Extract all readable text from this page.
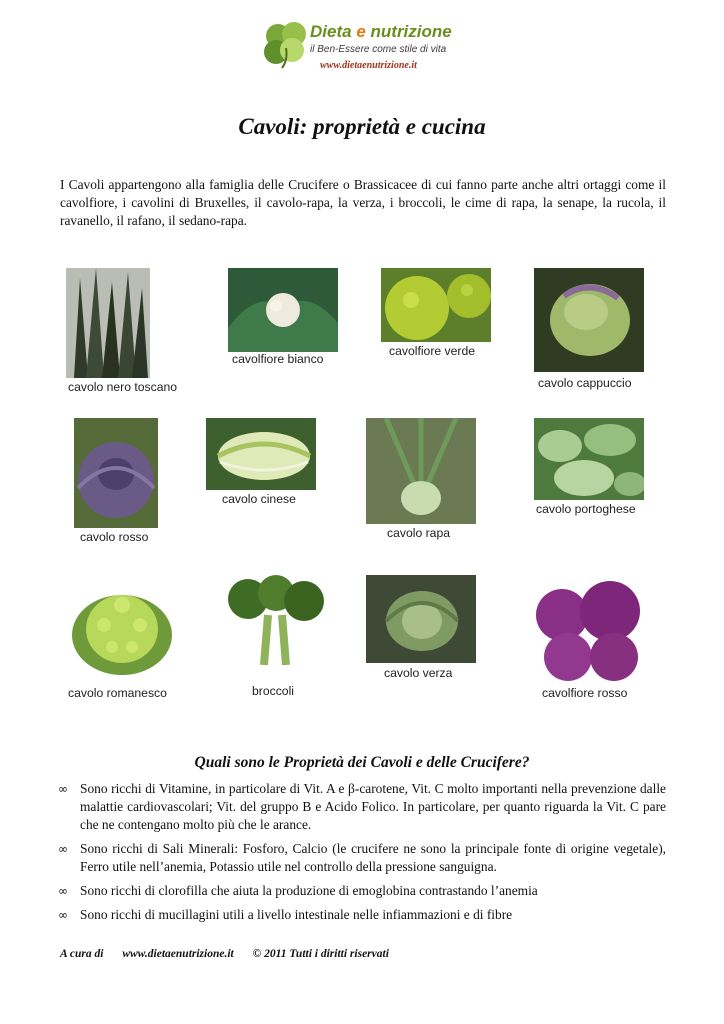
Dieta e nutrizione
il Ben-Essere come stile di vita
www.dietaenutrizione.it
Cavoli: proprietà e cucina
I Cavoli appartengono alla famiglia delle Crucifere o Brassicacee di cui fanno parte anche altri ortaggi come il cavolfiore, i cavolini di Bruxelles, il cavolo-rapa, la verza, i broccoli, le cime di rapa, la senape, la rucola, il ravanello, il rafano, il sedano-rapa.
cavolo nero toscano
cavolfiore bianco
cavolfiore verde
cavolo cappuccio
cavolo rosso
cavolo cinese
cavolo rapa
cavolo portoghese
cavolo romanesco	broccoli
cavolo verza
cavolfiore rosso
Quali sono le Proprietà dei Cavoli e delle Crucifere?
∞ Sono ricchi di Vitamine, in particolare di Vit. A e β-carotene, Vit. C molto importanti nella prevenzione dalle malattie cardiovascolari; Vit. del gruppo B e Acido Folico. In particolare, per quanto riguarda la Vit. C pare che ne contengano molto più che le arance.
∞ Sono ricchi di Sali Minerali: Fosforo, Calcio (le crucifere ne sono la principale fonte di origine vegetale), Ferro utile nell’anemia, Potassio utile nel controllo della pressione sanguigna.
∞ Sono ricchi di clorofilla che aiuta la produzione di emoglobina contrastando l’anemia
∞ Sono ricchi di mucillagini utili a livello intestinale nelle infiammazioni e di fibre
A cura di www.dietaenutrizione.it © 2011 Tutti i diritti riservati
